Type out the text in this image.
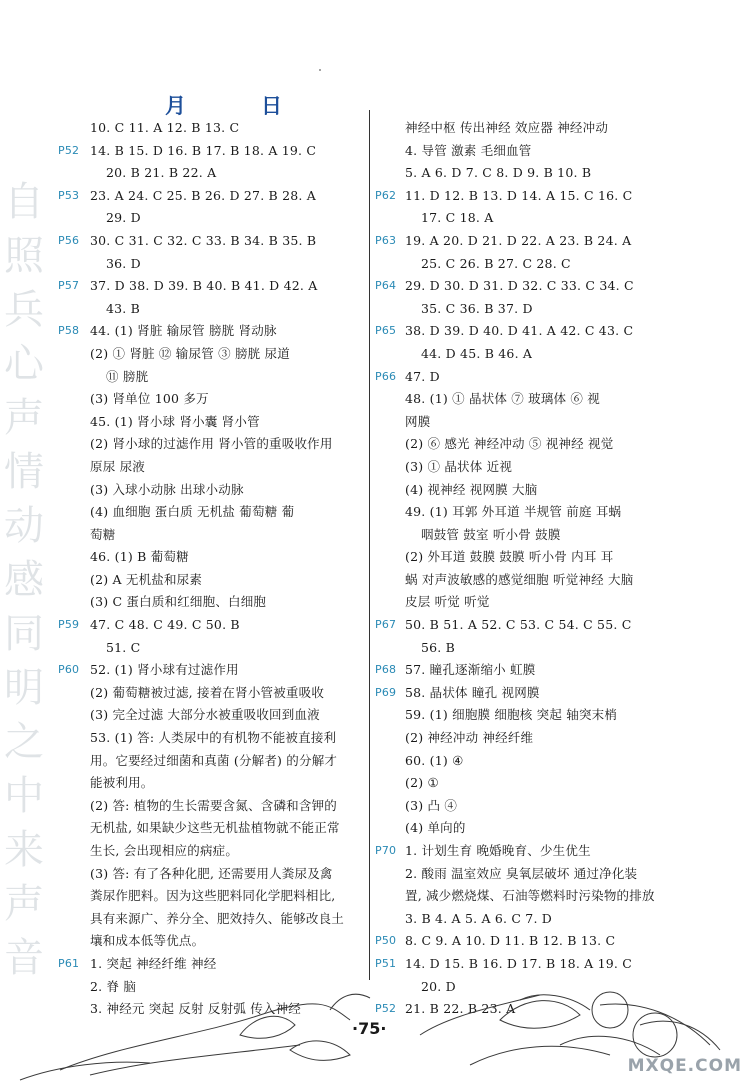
自
照
兵
心
声
情
动
感
同
明
之
中
来
声
音
月	日
10. C 11. A 12. B 13. C
P52 14. B 15. D 16. B 17. B 18. A 19. C
20. B 21. B 22. A
P53 23. A 24. C 25. B 26. D 27. B 28. A
29. D
P56 30. C 31. C 32. C 33. B 34. B 35. B
36. D
P57 37. D 38. D 39. B 40. B 41. D 42. A
43. B
P58 44. (1) 肾脏 输尿管 膀胱 肾动脉
(2) ① 肾脏 ⑫ 输尿管 ③ 膀胱 尿道
⑪ 膀胱
(3) 肾单位 100 多万
45. (1) 肾小球 肾小囊 肾小管
(2) 肾小球的过滤作用 肾小管的重吸收作用
原尿 尿液
(3) 入球小动脉 出球小动脉
(4) 血细胞 蛋白质 无机盐 葡萄糖 葡
萄糖
46. (1) B 葡萄糖
(2) A 无机盐和尿素
(3) C 蛋白质和红细胞、白细胞
P59 47. C 48. C 49. C 50. B
51. C
P60 52. (1) 肾小球有过滤作用
(2) 葡萄糖被过滤, 接着在肾小管被重吸收
(3) 完全过滤 大部分水被重吸收回到血液
53. (1) 答: 人类尿中的有机物不能被直接利
用。它要经过细菌和真菌 (分解者) 的分解才
能被利用。
(2) 答: 植物的生长需要含氮、含磷和含钾的
无机盐, 如果缺少这些无机盐植物就不能正常
生长, 会出现相应的病症。
(3) 答: 有了各种化肥, 还需要用人粪尿及禽
粪尿作肥料。因为这些肥料同化学肥料相比,
具有来源广、养分全、肥效持久、能够改良土
壤和成本低等优点。
P61 1. 突起 神经纤维 神经
2. 脊 脑
3. 神经元 突起 反射 反射弧 传入神经
神经中枢 传出神经 效应器 神经冲动
4. 导管 激素 毛细血管
5. A 6. D 7. C 8. D 9. B 10. B
P62 11. D 12. B 13. D 14. A 15. C 16. C
17. C 18. A
P63 19. A 20. D 21. D 22. A 23. B 24. A
25. C 26. B 27. C 28. C
P64 29. D 30. D 31. D 32. C 33. C 34. C
35. C 36. B 37. D
P65 38. D 39. D 40. D 41. A 42. C 43. C
44. D 45. B 46. A
P66 47. D
48. (1) ① 晶状体 ⑦ 玻璃体 ⑥ 视
网膜
(2) ⑥ 感光 神经冲动 ⑤ 视神经 视觉
(3) ① 晶状体 近视
(4) 视神经 视网膜 大脑
49. (1) 耳郭 外耳道 半规管 前庭 耳蜗
咽鼓管 鼓室 听小骨 鼓膜
(2) 外耳道 鼓膜 鼓膜 听小骨 内耳 耳
蜗 对声波敏感的感觉细胞 听觉神经 大脑
皮层 听觉 听觉
P67 50. B 51. A 52. C 53. C 54. C 55. C
56. B
P68 57. 瞳孔逐渐缩小 虹膜
P69 58. 晶状体 瞳孔 视网膜
59. (1) 细胞膜 细胞核 突起 轴突末梢
(2) 神经冲动 神经纤维
60. (1) ④
(2) ①
(3) 凸 ④
(4) 单向的
P70 1. 计划生育 晚婚晚育、少生优生
2. 酸雨 温室效应 臭氧层破坏 通过净化装
置, 减少燃烧煤、石油等燃料时污染物的排放
3. B 4. A 5. A 6. C 7. D
P50 8. C 9. A 10. D 11. B 12. B 13. C
P51 14. D 15. B 16. D 17. B 18. A 19. C
20. D
P52 21. B 22. B 23. A
·75·
MXQE.COM
